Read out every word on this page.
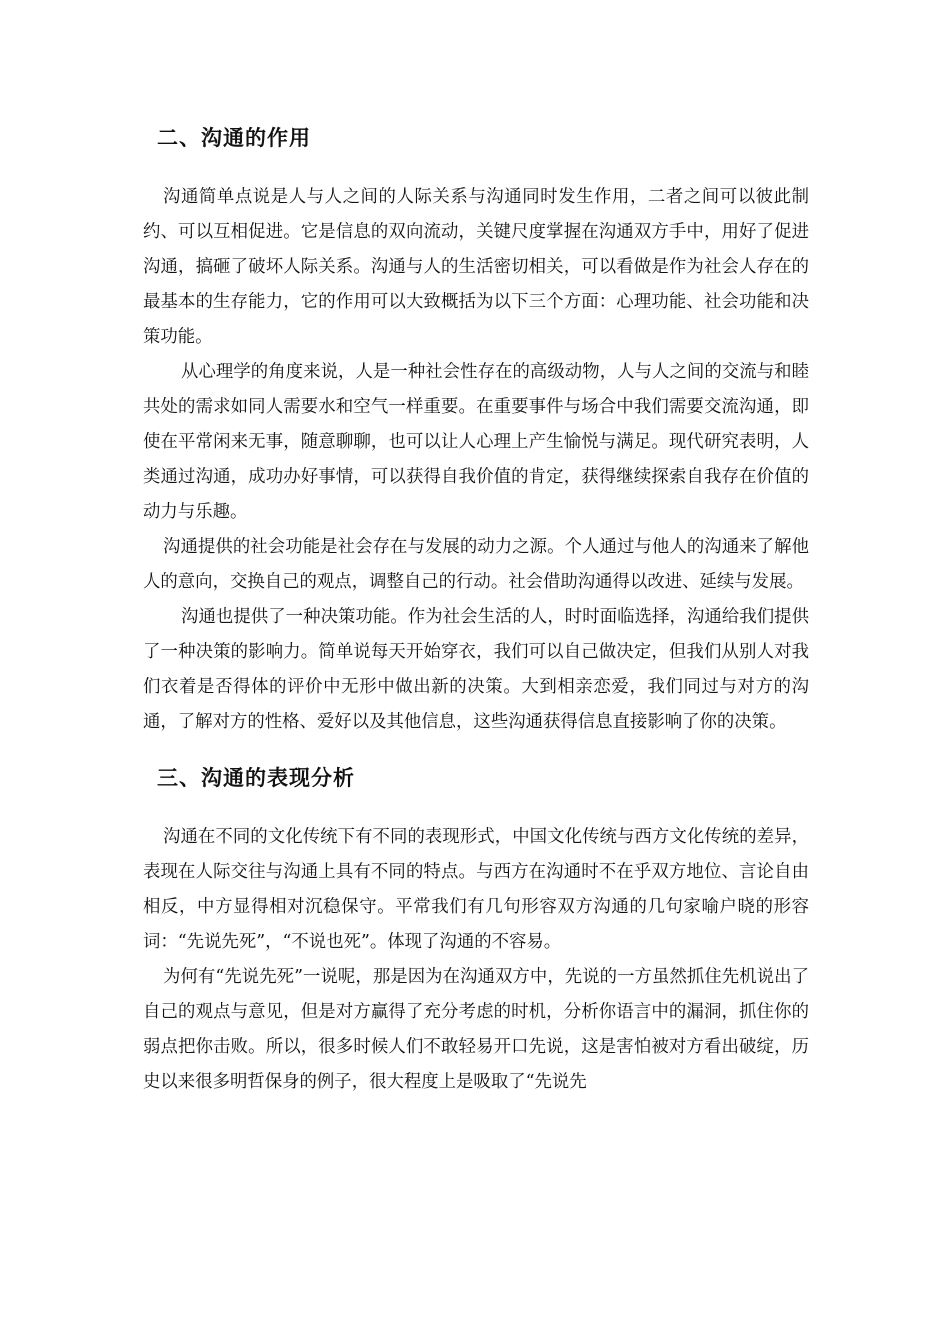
二、沟通的作用

沟通简单点说是人与人之间的人际关系与沟通同时发生作用，二者之间可以彼此制约、可以互相促进。它是信息的双向流动，关键尺度掌握在沟通双方手中，用好了促进沟通，搞砸了破坏人际关系。沟通与人的生活密切相关，可以看做是作为社会人存在的最基本的生存能力，它的作用可以大致概括为以下三个方面：心理功能、社会功能和决策功能。

从心理学的角度来说，人是一种社会性存在的高级动物，人与人之间的交流与和睦共处的需求如同人需要水和空气一样重要。在重要事件与场合中我们需要交流沟通，即使在平常闲来无事，随意聊聊，也可以让人心理上产生愉悦与满足。现代研究表明，人类通过沟通，成功办好事情，可以获得自我价值的肯定，获得继续探索自我存在价值的动力与乐趣。

沟通提供的社会功能是社会存在与发展的动力之源。个人通过与他人的沟通来了解他人的意向，交换自己的观点，调整自己的行动。社会借助沟通得以改进、延续与发展。

沟通也提供了一种决策功能。作为社会生活的人，时时面临选择，沟通给我们提供了一种决策的影响力。简单说每天开始穿衣，我们可以自己做决定，但我们从别人对我们衣着是否得体的评价中无形中做出新的决策。大到相亲恋爱，我们同过与对方的沟通，了解对方的性格、爱好以及其他信息，这些沟通获得信息直接影响了你的决策。

三、沟通的表现分析

沟通在不同的文化传统下有不同的表现形式，中国文化传统与西方文化传统的差异，表现在人际交往与沟通上具有不同的特点。与西方在沟通时不在乎双方地位、言论自由相反，中方显得相对沉稳保守。平常我们有几句形容双方沟通的几句家喻户晓的形容词：“先说先死”，“不说也死”。体现了沟通的不容易。

为何有“先说先死”一说呢，那是因为在沟通双方中，先说的一方虽然抓住先机说出了自己的观点与意见，但是对方赢得了充分考虑的时机，分析你语言中的漏洞，抓住你的弱点把你击败。所以，很多时候人们不敢轻易开口先说，这是害怕被对方看出破绽，历史以来很多明哲保身的例子，很大程度上是吸取了“先说先
